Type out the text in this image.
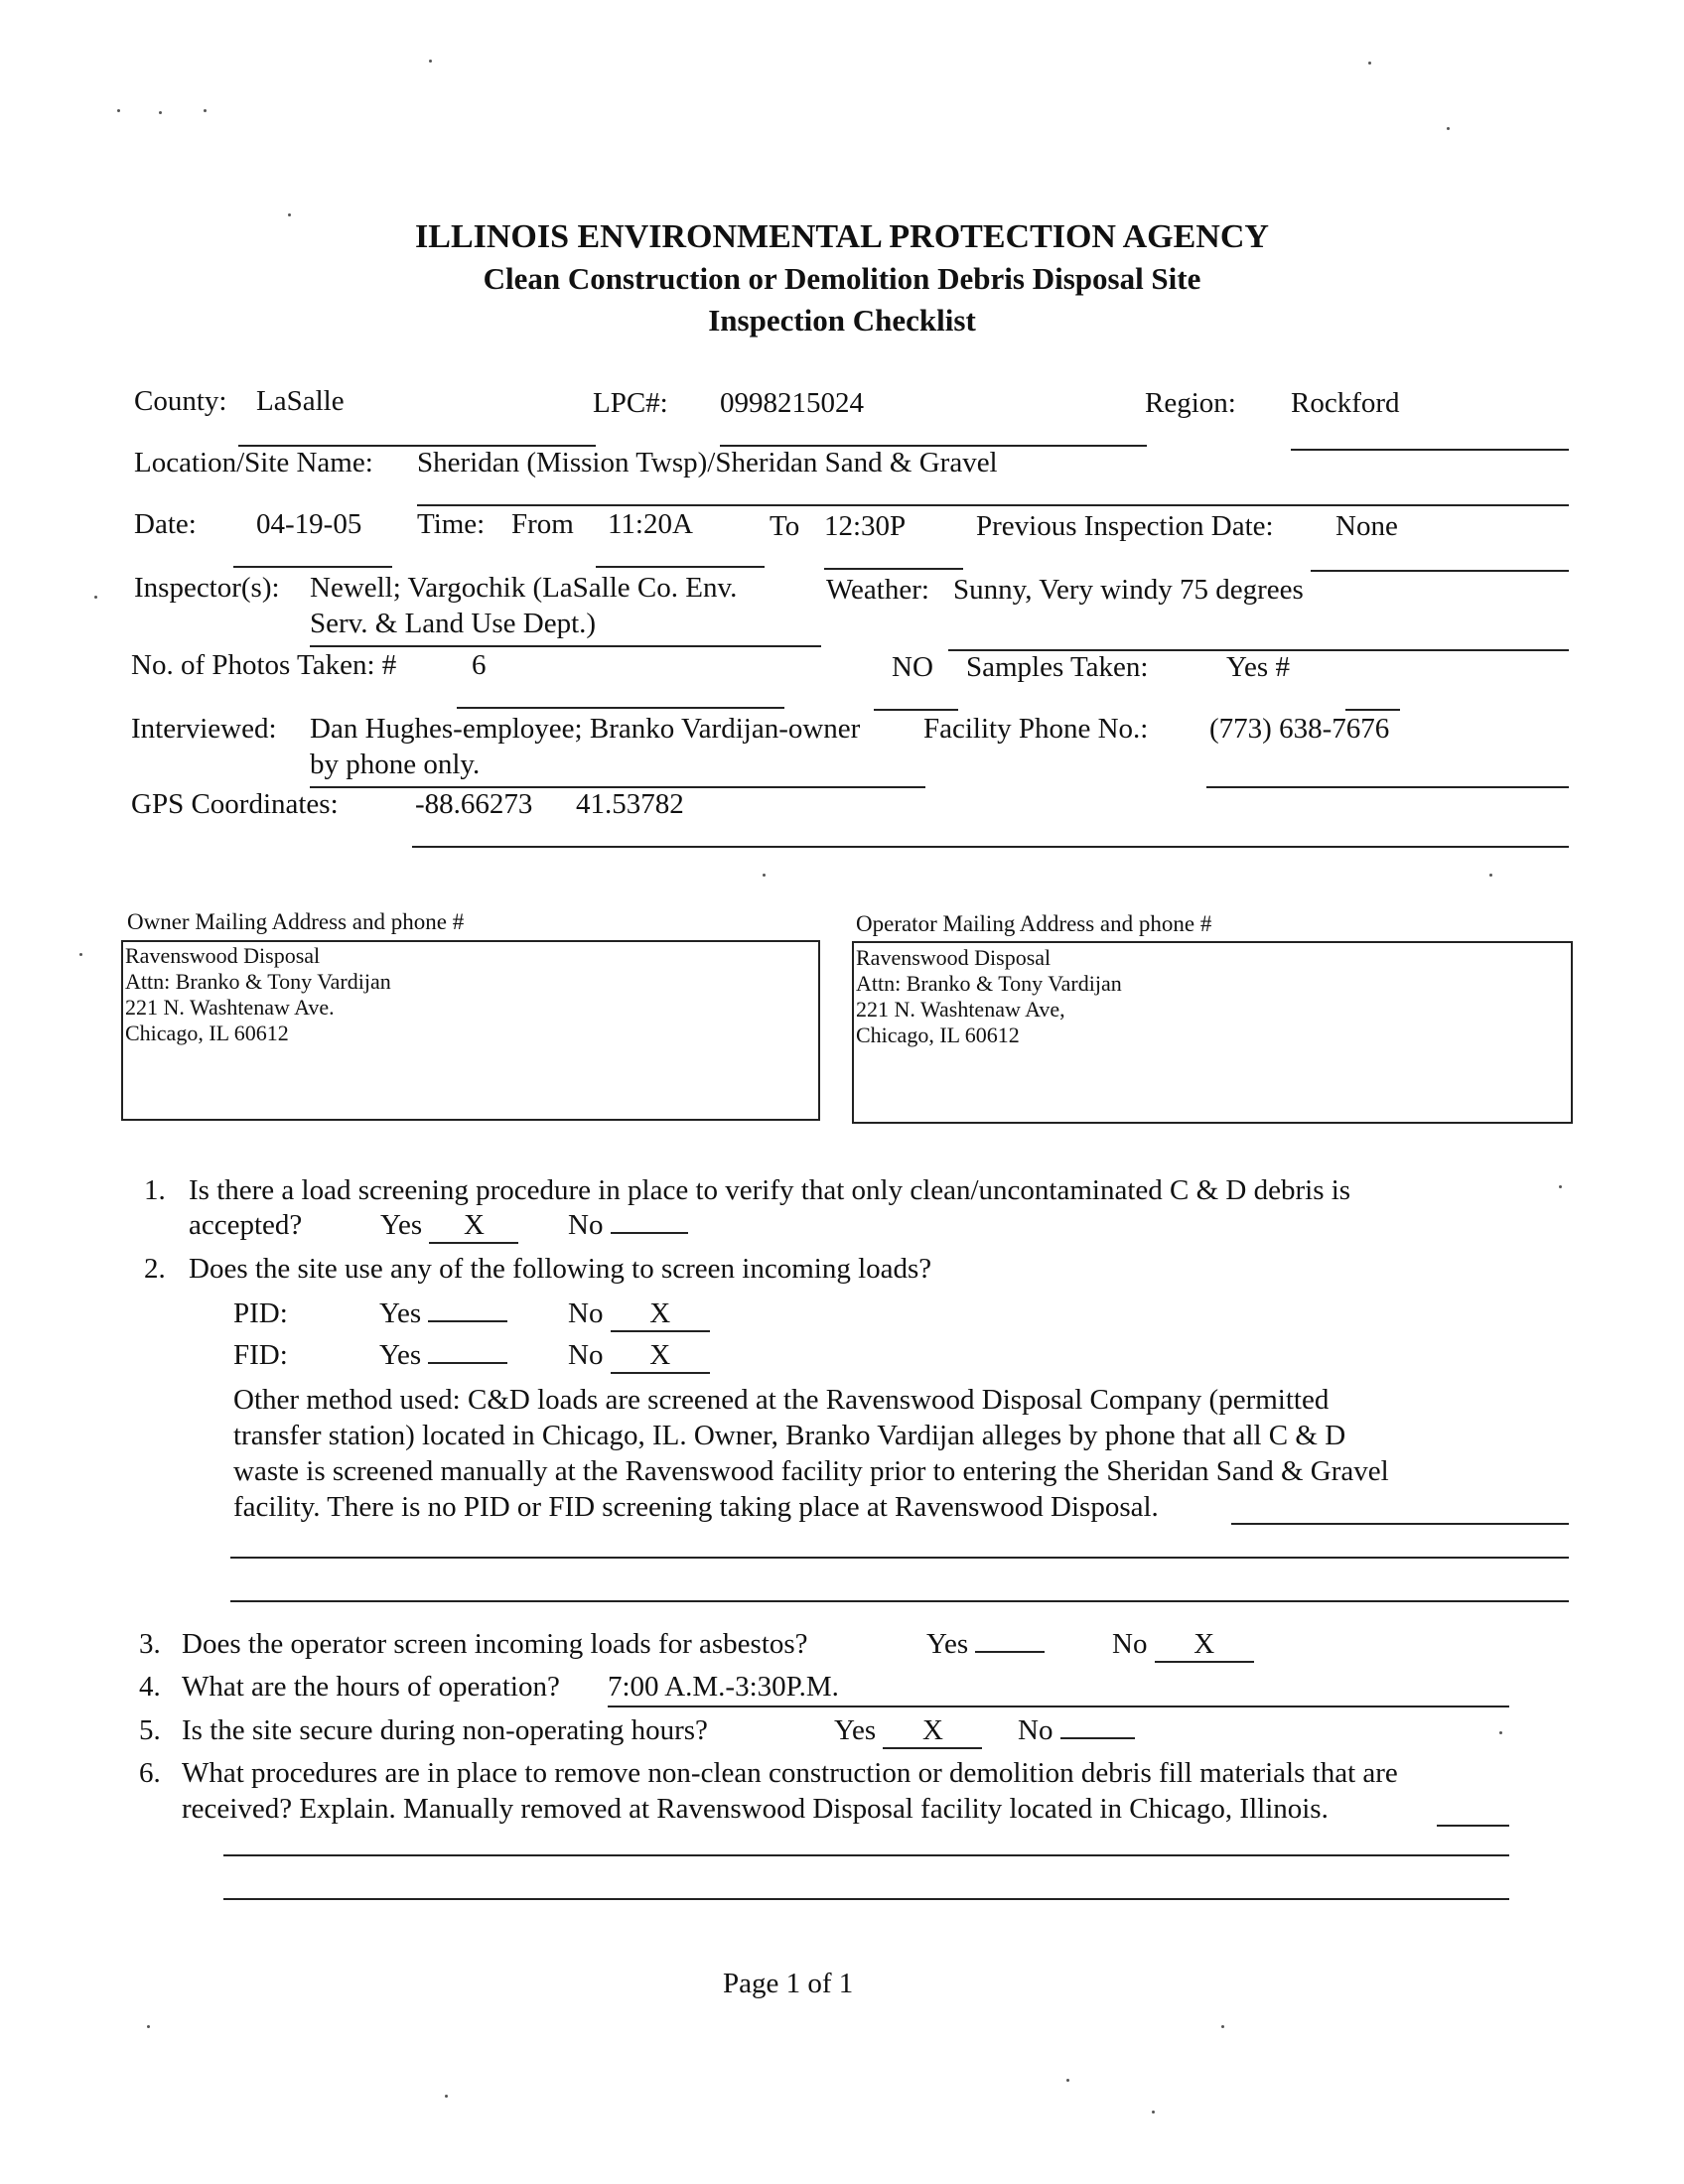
ILLINOIS ENVIRONMENTAL PROTECTION AGENCY
Clean Construction or Demolition Debris Disposal Site
Inspection Checklist
County: LaSalle	LPC#: 0998215024	Region: Rockford
Location/Site Name: Sheridan (Mission Twsp)/Sheridan Sand & Gravel
Date: 04-19-05 Time: From 11:20A	To 12:30P Previous Inspection Date: None
Inspector(s): Newell; Vargochik (LaSalle Co. Env.
Serv. & Land Use Dept.)
Weather: Sunny, Very windy 75 degrees
No. of Photos Taken: #	6	NO Samples Taken:	Yes #
Interviewed: Dan Hughes-employee; Branko Vardijan-owner
by phone only.
Facility Phone No.: (773) 638-7676
GPS Coordinates:	-88.66273 41.53782
Owner Mailing Address and phone #
Ravenswood Disposal
Attn: Branko & Tony Vardijan
221 N. Washtenaw Ave.
Chicago, IL 60612
Operator Mailing Address and phone #
Ravenswood Disposal
Attn: Branko & Tony Vardijan
221 N. Washtenaw Ave,
Chicago, IL 60612
1. Is there a load screening procedure in place to verify that only clean/uncontaminated C & D debris is
accepted?	Yes X	No
2. Does the site use any of the following to screen incoming loads?
PID:	Yes	No X
FID:	Yes	No X
Other method used: C&D loads are screened at the Ravenswood Disposal Company (permitted
transfer station) located in Chicago, IL. Owner, Branko Vardijan alleges by phone that all C & D
waste is screened manually at the Ravenswood facility prior to entering the Sheridan Sand & Gravel
facility. There is no PID or FID screening taking place at Ravenswood Disposal.
3. Does the operator screen incoming loads for asbestos?	Yes	No X
4. What are the hours of operation? 7:00 A.M.-3:30P.M.
5. Is the site secure during non-operating hours?	Yes X	No
6. What procedures are in place to remove non-clean construction or demolition debris fill materials that are
received? Explain. Manually removed at Ravenswood Disposal facility located in Chicago, Illinois.
Page 1 of 1
